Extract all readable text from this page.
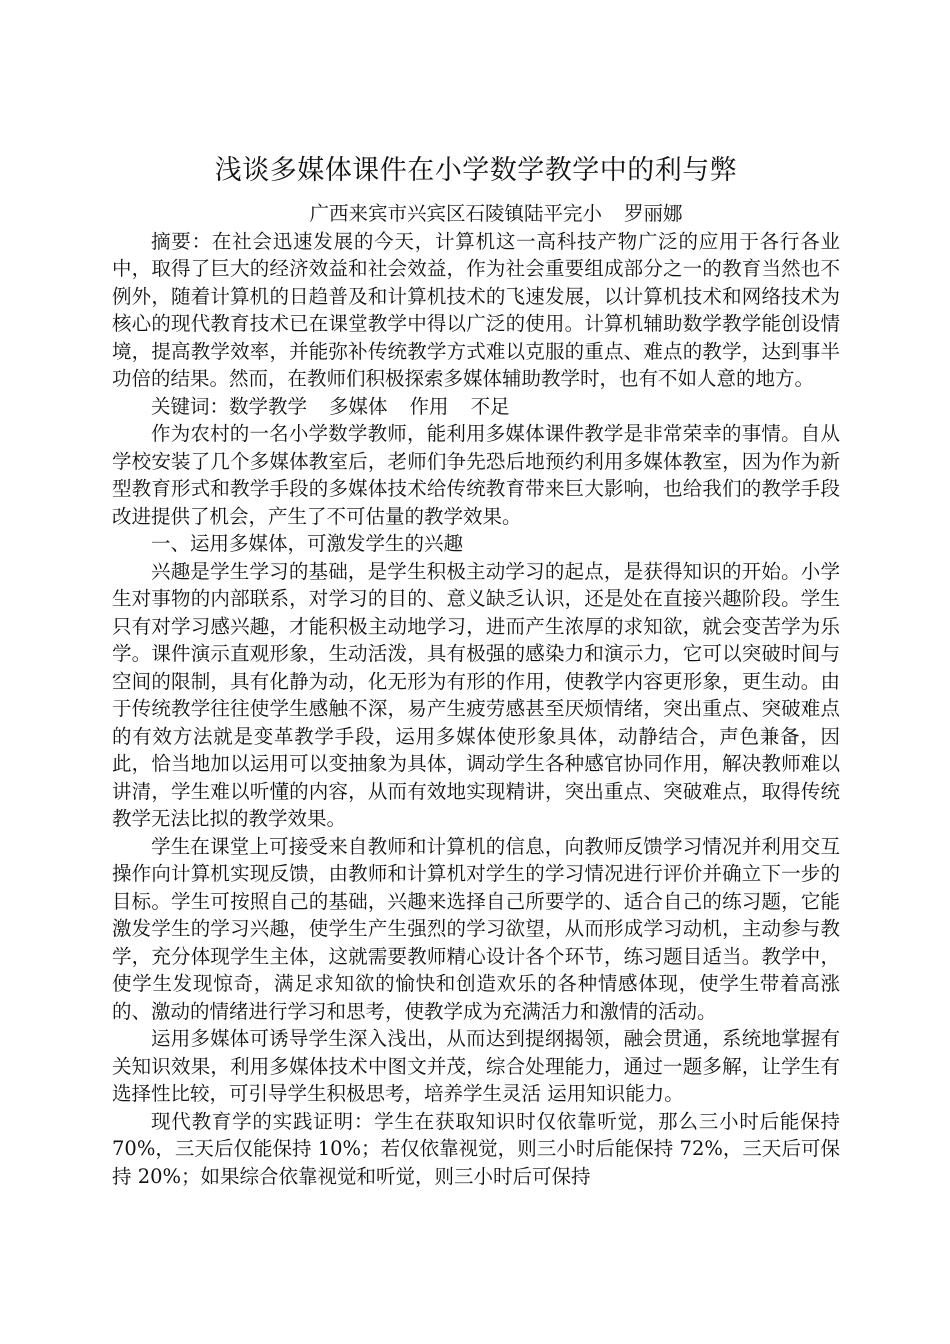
浅谈多媒体课件在小学数学教学中的利与弊

广西来宾市兴宾区石陵镇陆平完小 罗丽娜

摘要：在社会迅速发展的今天，计算机这一高科技产物广泛的应用于各行各业中，取得了巨大的经济效益和社会效益，作为社会重要组成部分之一的教育当然也不例外，随着计算机的日趋普及和计算机技术的飞速发展，以计算机技术和网络技术为核心的现代教育技术已在课堂教学中得以广泛的使用。计算机辅助数学教学能创设情境，提高教学效率，并能弥补传统教学方式难以克服的重点、难点的教学，达到事半功倍的结果。然而，在教师们积极探索多媒体辅助教学时，也有不如人意的地方。

关键词：数学教学 多媒体 作用 不足

作为农村的一名小学数学教师，能利用多媒体课件教学是非常荣幸的事情。自从学校安装了几个多媒体教室后，老师们争先恐后地预约利用多媒体教室，因为作为新型教育形式和教学手段的多媒体技术给传统教育带来巨大影响，也给我们的教学手段改进提供了机会，产生了不可估量的教学效果。

一、运用多媒体，可激发学生的兴趣

兴趣是学生学习的基础，是学生积极主动学习的起点，是获得知识的开始。小学生对事物的内部联系，对学习的目的、意义缺乏认识，还是处在直接兴趣阶段。学生只有对学习感兴趣，才能积极主动地学习，进而产生浓厚的求知欲，就会变苦学为乐学。课件演示直观形象，生动活泼，具有极强的感染力和演示力，它可以突破时间与空间的限制，具有化静为动，化无形为有形的作用，使教学内容更形象，更生动。由于传统教学往往使学生感触不深，易产生疲劳感甚至厌烦情绪，突出重点、突破难点的有效方法就是变革教学手段，运用多媒体使形象具体，动静结合，声色兼备，因此，恰当地加以运用可以变抽象为具体，调动学生各种感官协同作用，解决教师难以讲清，学生难以听懂的内容，从而有效地实现精讲，突出重点、突破难点，取得传统教学无法比拟的教学效果。

学生在课堂上可接受来自教师和计算机的信息，向教师反馈学习情况并利用交互操作向计算机实现反馈，由教师和计算机对学生的学习情况进行评价并确立下一步的目标。学生可按照自己的基础，兴趣来选择自己所要学的、适合自己的练习题，它能激发学生的学习兴趣，使学生产生强烈的学习欲望，从而形成学习动机，主动参与教学，充分体现学生主体，这就需要教师精心设计各个环节，练习题目适当。教学中，使学生发现惊奇，满足求知欲的愉快和创造欢乐的各种情感体现，使学生带着高涨的、激动的情绪进行学习和思考，使教学成为充满活力和激情的活动。

运用多媒体可诱导学生深入浅出，从而达到提纲揭领，融会贯通，系统地掌握有关知识效果，利用多媒体技术中图文并茂，综合处理能力，通过一题多解，让学生有选择性比较，可引导学生积极思考，培养学生灵活 运用知识能力。

现代教育学的实践证明：学生在获取知识时仅依靠听觉，那么三小时后能保持 70%，三天后仅能保持 10%；若仅依靠视觉，则三小时后能保持 72%，三天后可保持 20%；如果综合依靠视觉和听觉，则三小时后可保持
